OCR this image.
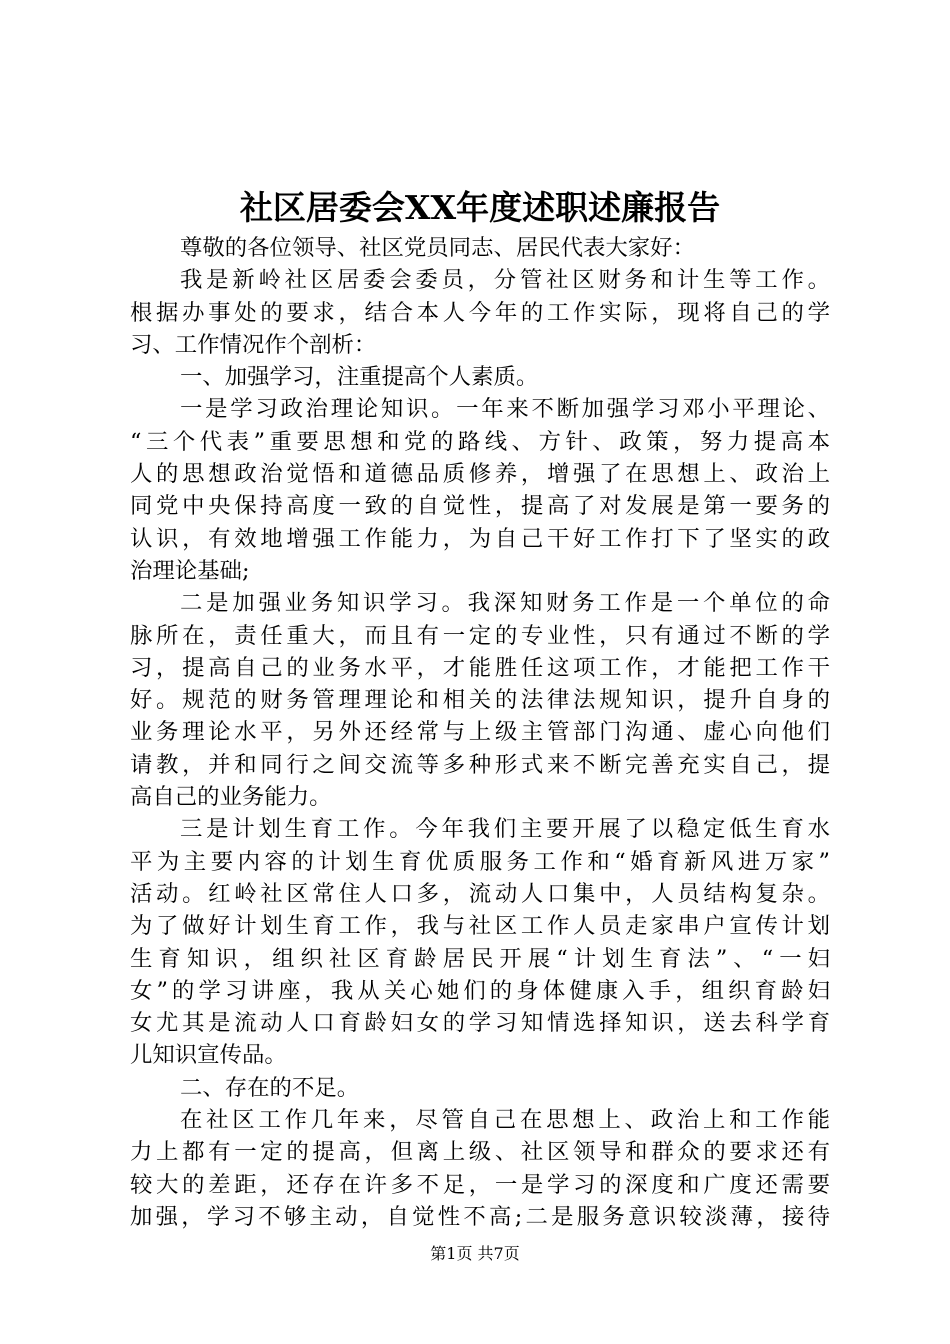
社区居委会XX年度述职述廉报告
尊敬的各位领导、社区党员同志、居民代表大家好：
我是新岭社区居委会委员，分管社区财务和计生等工作。
根据办事处的要求，结合本人今年的工作实际，现将自己的学
习、工作情况作个剖析：
一、加强学习，注重提高个人素质。
一是学习政治理论知识。一年来不断加强学习邓小平理论、
“三个代表”重要思想和党的路线、方针、政策，努力提高本
人的思想政治觉悟和道德品质修养，增强了在思想上、政治上
同党中央保持高度一致的自觉性，提高了对发展是第一要务的
认识，有效地增强工作能力，为自己干好工作打下了坚实的政
治理论基础;
二是加强业务知识学习。我深知财务工作是一个单位的命
脉所在，责任重大，而且有一定的专业性，只有通过不断的学
习，提高自己的业务水平，才能胜任这项工作，才能把工作干
好。规范的财务管理理论和相关的法律法规知识，提升自身的
业务理论水平，另外还经常与上级主管部门沟通、虚心向他们
请教，并和同行之间交流等多种形式来不断完善充实自己，提
高自己的业务能力。
三是计划生育工作。今年我们主要开展了以稳定低生育水
平为主要内容的计划生育优质服务工作和“婚育新风进万家”
活动。红岭社区常住人口多，流动人口集中，人员结构复杂。
为了做好计划生育工作，我与社区工作人员走家串户宣传计划
生育知识，组织社区育龄居民开展“计划生育法”、“一妇
女”的学习讲座，我从关心她们的身体健康入手，组织育龄妇
女尤其是流动人口育龄妇女的学习知情选择知识，送去科学育
儿知识宣传品。
二、存在的不足。
在社区工作几年来，尽管自己在思想上、政治上和工作能
力上都有一定的提高，但离上级、社区领导和群众的要求还有
较大的差距，还存在许多不足，一是学习的深度和广度还需要
加强，学习不够主动，自觉性不高;二是服务意识较淡薄，接待
第1页 共7页
